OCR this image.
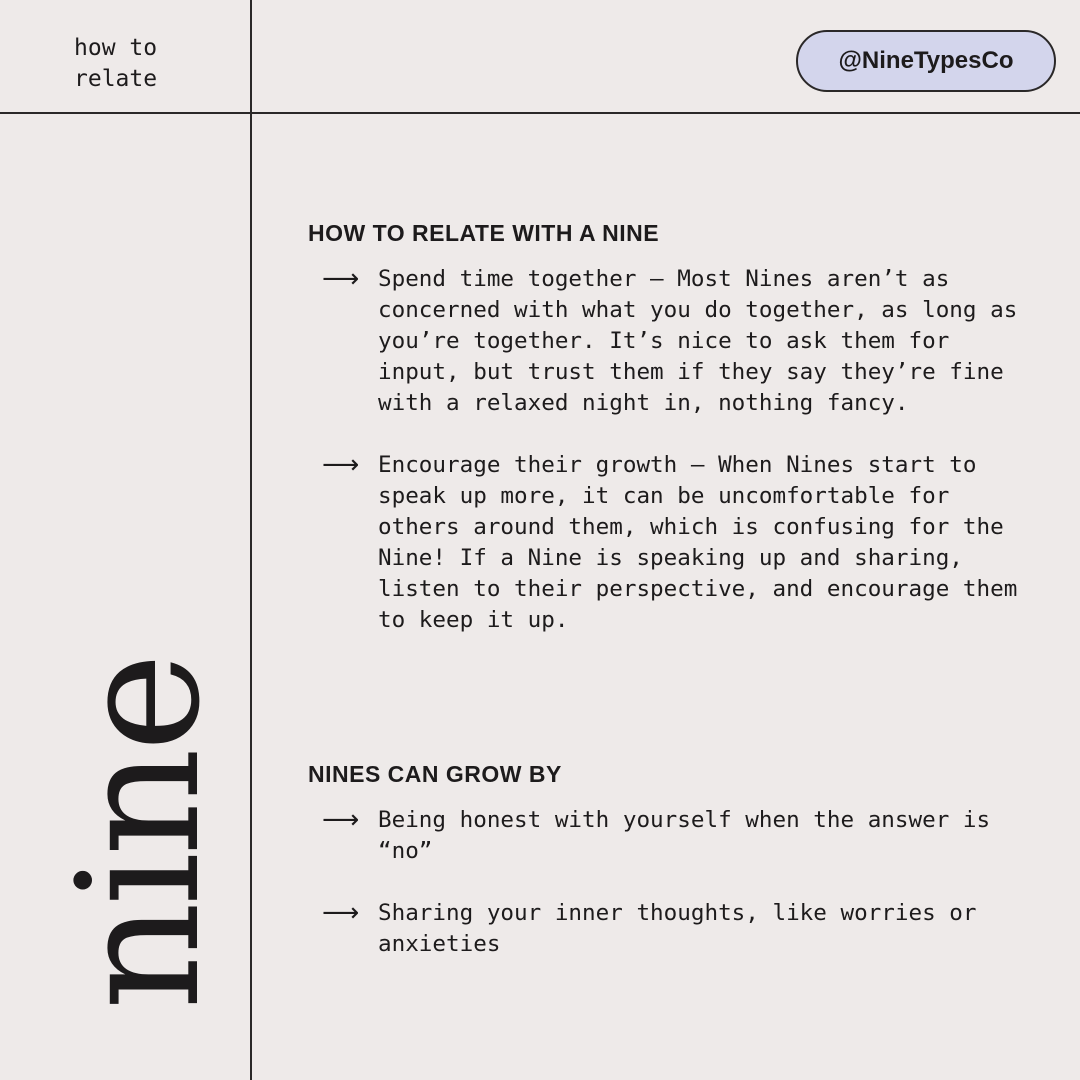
how to
relate
@NineTypesCo
nine
HOW TO RELATE WITH A NINE
⟶ Spend time together – Most Nines aren’t as concerned with what you do together, as long as you’re together. It’s nice to ask them for input, but trust them if they say they’re fine with a relaxed night in, nothing fancy.

⟶ Encourage their growth – When Nines start to speak up more, it can be uncomfortable for others around them, which is confusing for the Nine! If a Nine is speaking up and sharing, listen to their perspective, and encourage them to keep it up.

NINES CAN GROW BY
⟶ Being honest with yourself when the answer is “no”

⟶ Sharing your inner thoughts, like worries or anxieties
